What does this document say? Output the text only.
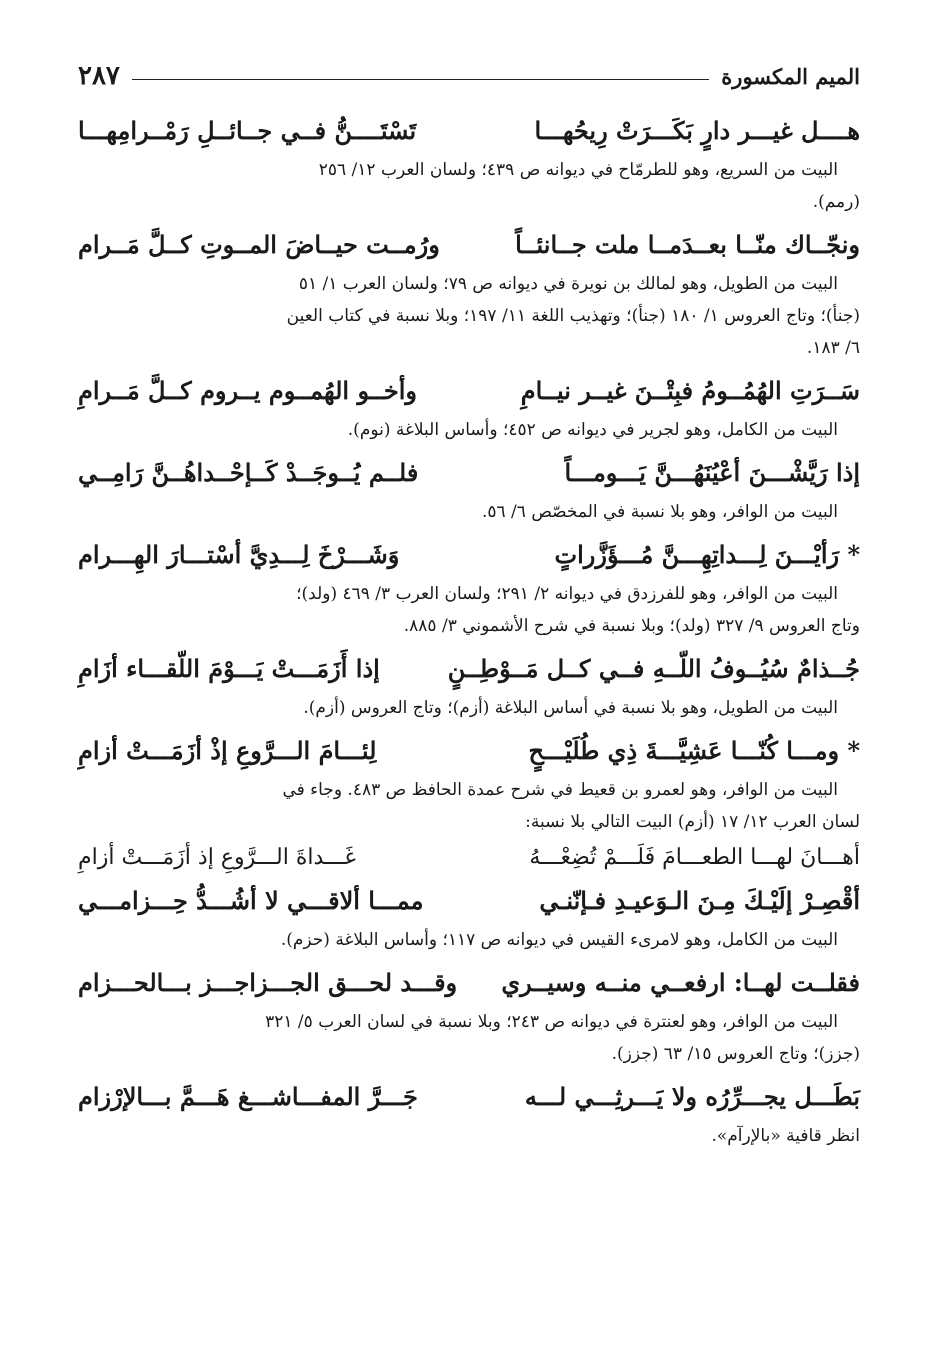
الميم المكسورة
٢٨٧
هــــل غيـــر دارٍ بَكَـــرَتْ رِيحُهـــا
تَسْتَــــنُّ فــي جــائــلِ رَمْــرامِهـــا

البيت من السريع، وهو للطرمّاح في ديوانه ص ٤٣٩؛ ولسان العرب ١٢/ ٢٥٦

(رمم).

ونجّــاك منّــا بعــدَمــا ملت جــانئــاً
ورُمــت حيــاضَ المــوتِ كــلَّ مَــرام

البيت من الطويل، وهو لمالك بن نويرة في ديوانه ص ٧٩؛ ولسان العرب ١/ ٥١

(جنأ)؛ وتاج العروس ١/ ١٨٠ (جنأ)؛ وتهذيب اللغة ١١/ ١٩٧؛ وبلا نسبة في كتاب العين

٦/ ١٨٣.

سَــرَتِ الهُمُــومُ فبِتْــنَ غيــر نيــامِ
وأخــو الهُمــوم يــروم كــلَّ مَــرامِ

البيت من الكامل، وهو لجرير في ديوانه ص ٤٥٢؛ وأساس البلاغة (نوم).

إذا رَيَّشْـــنَ أعْيُنَهُـــنَّ يَـــومـــاً
فلــم يُــوجَــدْ كَــإحْــداهُــنَّ رَامِــي

البيت من الوافر، وهو بلا نسبة في المخصّص ٦/ ٥٦.

* رَأيْـــنَ لِـــداتِهِـــنَّ مُـــؤَزَّراتٍ
وَشَـــرْخَ لِـــدِيَّ أسْتـــارَ الهِـــرام

البيت من الوافر، وهو للفرزدق في ديوانه ٢/ ٢٩١؛ ولسان العرب ٣/ ٤٦٩ (ولد)؛

وتاج العروس ٩/ ٣٢٧ (ولد)؛ وبلا نسبة في شرح الأشموني ٣/ ٨٨٥.

جُــذامٌ سُيُــوفُ اللّــهِ فــي كــل مَــوْطِــنٍ
إذا أَزَمَـــتْ يَـــوْمَ اللّقـــاء أزَامِ

البيت من الطويل، وهو بلا نسبة في أساس البلاغة (أزم)؛ وتاج العروس (أزم).

* ومـــا كُنّـــا عَشِيَّـــةَ ذِي طُلَيْـــحٍ
لِئـــامَ الـــرَّوعِ إذْ أزَمَـــتْ أزامِ

البيت من الوافر، وهو لعمرو بن قعيط في شرح عمدة الحافظ ص ٤٨٣. وجاء في

لسان العرب ١٢/ ١٧ (أزم) البيت التالي بلا نسبة:

أهـــانَ لهـــا الطعـــامَ فَلَـــمْ تُضِعْـــهُ
غَـــداةَ الـــرَّوعِ إذ أزَمَـــتْ أزامِ
أقْصِـرْ إلَيْـكَ مِـنَ الـوَعيـدِ فـإنّنـي
ممـــا ألاقـــي لا أشُـــدُّ حِـــزامـــي

البيت من الكامل، وهو لامرىء القيس في ديوانه ص ١١٧؛ وأساس البلاغة (حزم).

فقلــت لهــا: ارفعــي منــه وسيــري
وقـــد لحـــق الجـــزاجـــز بـــالحـــزام

البيت من الوافر، وهو لعنترة في ديوانه ص ٢٤٣؛ وبلا نسبة في لسان العرب ٥/ ٣٢١

(جزز)؛ وتاج العروس ١٥/ ٦٣ (جزز).

بَطَـــل يجـــرِّرُه ولا يَـــرثِـــي لـــه
جَـــرَّ المفـــاشـــغ هَـــمَّ بـــالإرْزام

انظر قافية «بالإرآم».
